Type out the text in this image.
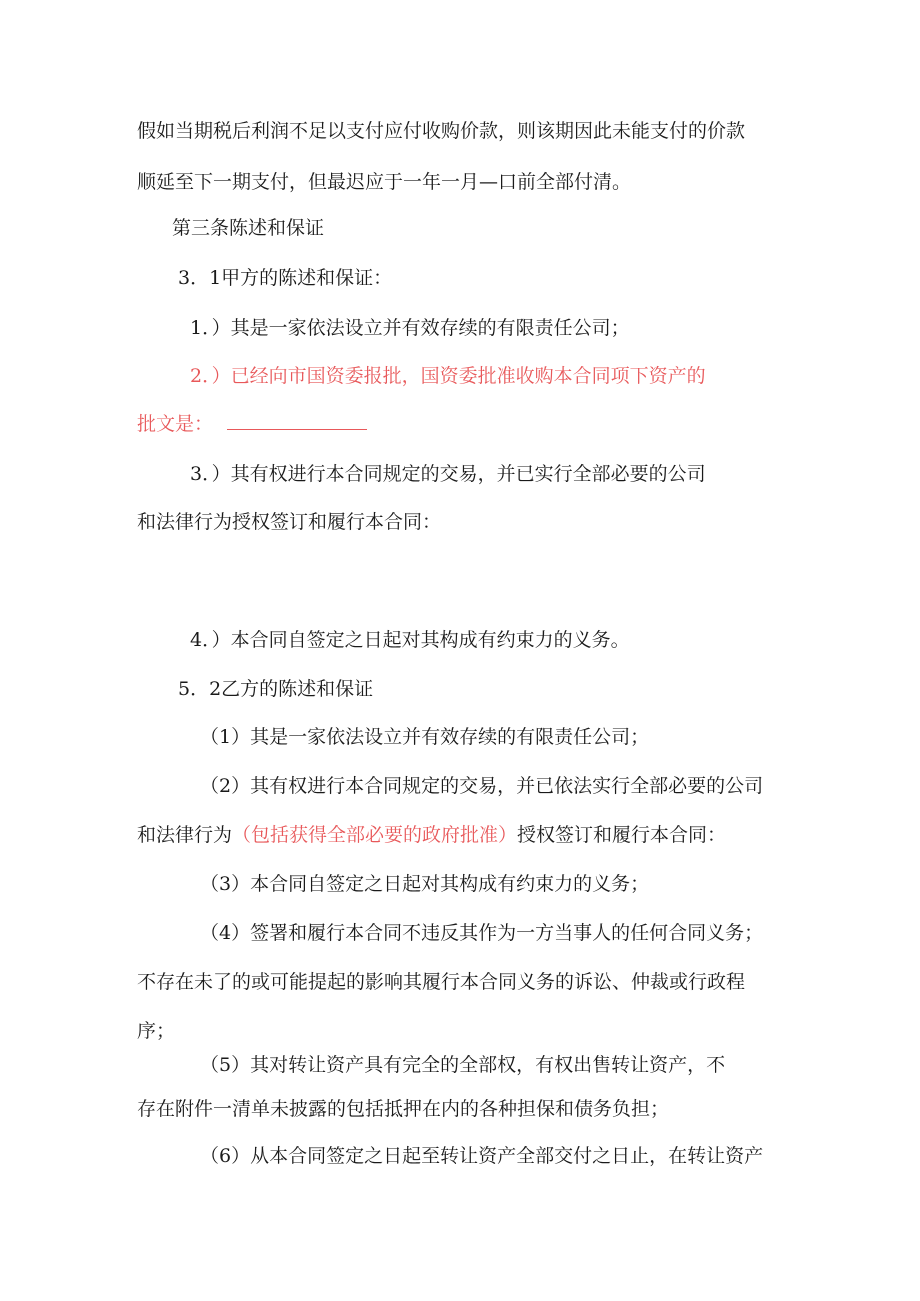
假如当期税后利润不足以支付应付收购价款，则该期因此未能支付的价款
顺延至下一期支付，但最迟应于一年一月—口前全部付清。
第三条陈述和保证
3．1甲方的陈述和保证：
1．）其是一家依法设立并有效存续的有限责任公司；
2．）已经向市国资委报批，国资委批准收购本合同项下资产的
批文是：
3．）其有权进行本合同规定的交易，并已实行全部必要的公司
和法律行为授权签订和履行本合同：
4．）本合同自签定之日起对其构成有约束力的义务。
5．2乙方的陈述和保证
（1）其是一家依法设立并有效存续的有限责任公司；
（2）其有权进行本合同规定的交易，并已依法实行全部必要的公司
和法律行为（包括获得全部必要的政府批准）授权签订和履行本合同：
（3）本合同自签定之日起对其构成有约束力的义务；
（4）签署和履行本合同不违反其作为一方当事人的任何合同义务；
不存在未了的或可能提起的影响其履行本合同义务的诉讼、仲裁或行政程
序；
（5）其对转让资产具有完全的全部权，有权出售转让资产，不
存在附件一清单未披露的包括抵押在内的各种担保和债务负担；
（6）从本合同签定之日起至转让资产全部交付之日止，在转让资产
